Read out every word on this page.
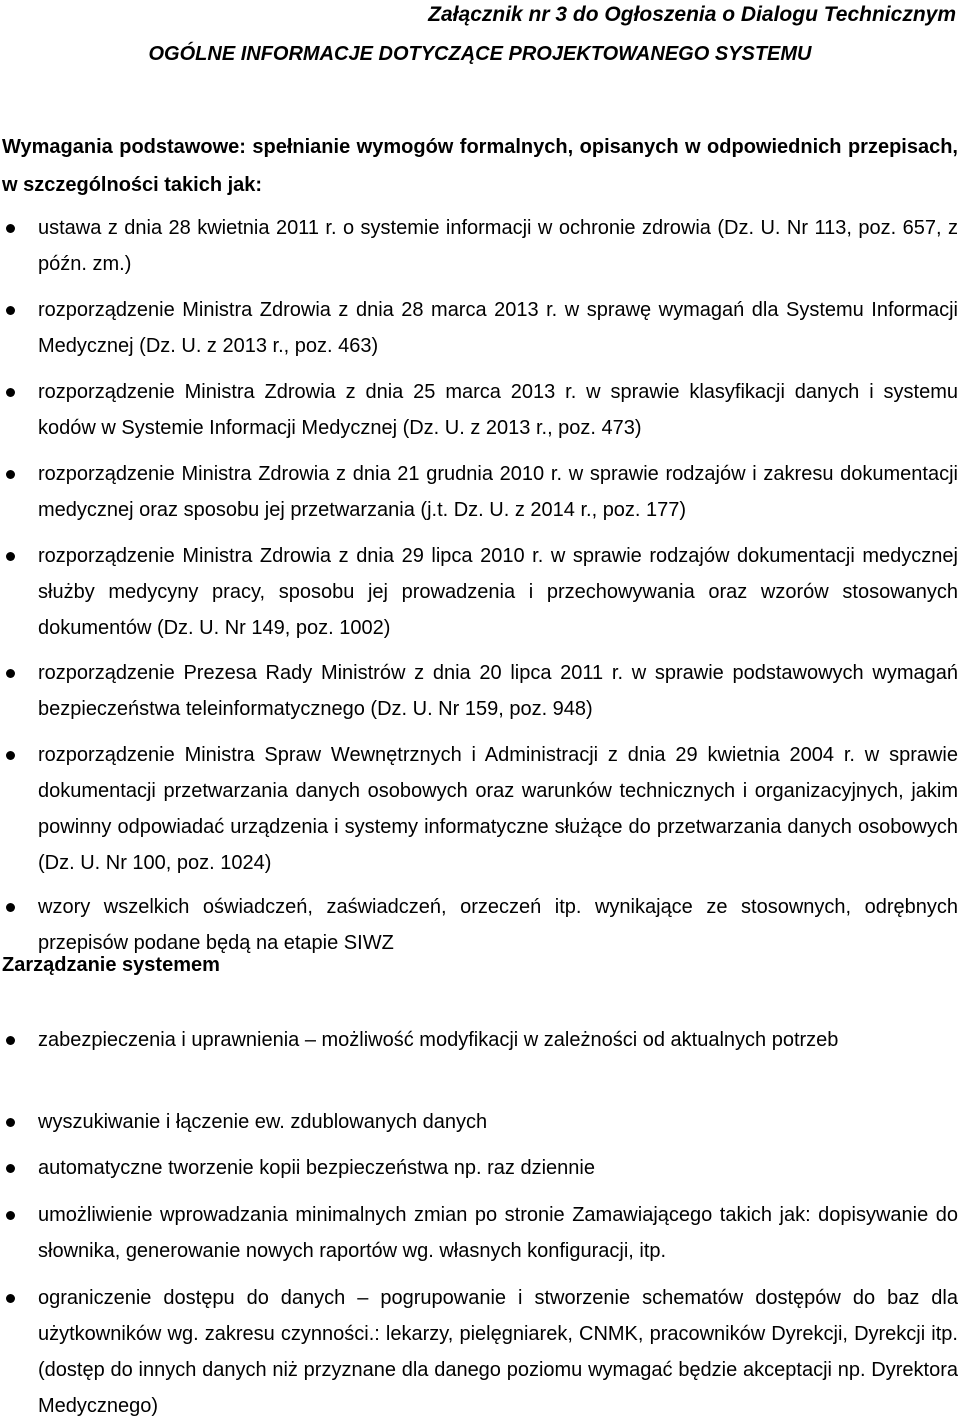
Załącznik nr 3 do Ogłoszenia o Dialogu Technicznym
OGÓLNE INFORMACJE DOTYCZĄCE PROJEKTOWANEGO SYSTEMU
Wymagania podstawowe: spełnianie wymogów formalnych, opisanych w odpowiednich przepisach, w szczególności takich jak:
ustawa z dnia 28 kwietnia 2011 r. o systemie informacji w ochronie zdrowia (Dz. U. Nr 113, poz. 657, z późn. zm.)
rozporządzenie Ministra Zdrowia z dnia 28 marca 2013 r. w sprawę wymagań dla Systemu Informacji Medycznej (Dz. U. z 2013 r., poz. 463)
rozporządzenie Ministra Zdrowia z dnia 25 marca 2013 r. w sprawie klasyfikacji danych i systemu kodów w Systemie Informacji Medycznej (Dz. U. z 2013 r., poz. 473)
rozporządzenie Ministra Zdrowia z dnia 21 grudnia 2010 r. w sprawie rodzajów i zakresu dokumentacji medycznej oraz sposobu jej przetwarzania (j.t. Dz. U. z 2014 r., poz. 177)
rozporządzenie Ministra Zdrowia z dnia 29 lipca 2010 r. w sprawie rodzajów dokumentacji medycznej służby medycyny pracy, sposobu jej prowadzenia i przechowywania oraz wzorów stosowanych dokumentów (Dz. U. Nr 149, poz. 1002)
rozporządzenie Prezesa Rady Ministrów z dnia 20 lipca 2011 r. w sprawie podstawowych wymagań bezpieczeństwa teleinformatycznego (Dz. U. Nr 159, poz. 948)
rozporządzenie Ministra Spraw Wewnętrznych i Administracji z dnia 29 kwietnia 2004 r. w sprawie dokumentacji przetwarzania danych osobowych oraz warunków technicznych i organizacyjnych, jakim powinny odpowiadać urządzenia i systemy informatyczne służące do przetwarzania danych osobowych (Dz. U. Nr 100, poz. 1024)
wzory wszelkich oświadczeń, zaświadczeń, orzeczeń itp. wynikające ze stosownych, odrębnych przepisów podane będą na etapie SIWZ
Zarządzanie systemem
zabezpieczenia i uprawnienia – możliwość modyfikacji w zależności od aktualnych potrzeb
wyszukiwanie i łączenie ew. zdublowanych danych
automatyczne tworzenie kopii bezpieczeństwa np. raz dziennie
umożliwienie wprowadzania minimalnych zmian po stronie Zamawiającego takich jak: dopisywanie do słownika, generowanie nowych raportów wg. własnych konfiguracji, itp.
ograniczenie dostępu do danych – pogrupowanie i stworzenie schematów dostępów do baz dla użytkowników wg. zakresu czynności.: lekarzy, pielęgniarek, CNMK, pracowników Dyrekcji, Dyrekcji itp. (dostęp do innych danych niż przyznane dla danego poziomu wymagać będzie akceptacji np. Dyrektora Medycznego)
